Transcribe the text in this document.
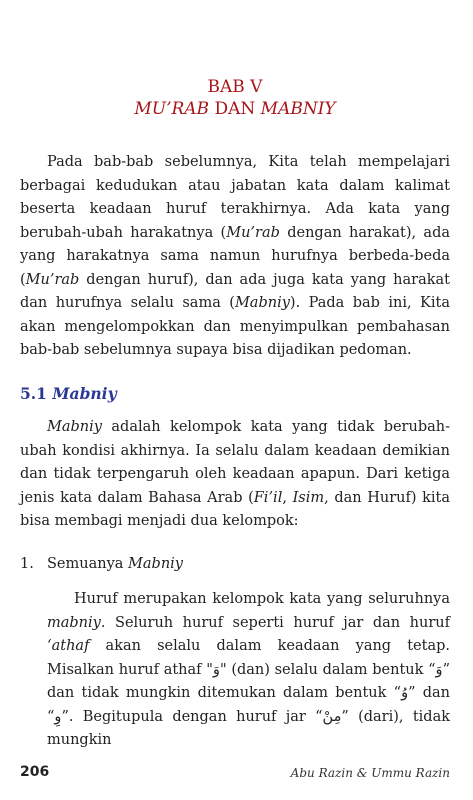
BAB V
MU’RAB DAN MABNIY

Pada bab-bab sebelumnya, Kita telah mempelajari berbagai kedudukan atau jabatan kata dalam kalimat beserta keadaan huruf terakhirnya. Ada kata yang berubah-ubah harakatnya (Mu’rab dengan harakat), ada yang harakatnya sama namun hurufnya berbeda-beda (Mu’rab dengan huruf), dan ada juga kata yang harakat dan hurufnya selalu sama (Mabniy). Pada bab ini, Kita akan mengelompokkan dan menyimpulkan pembahasan bab-bab sebelumnya supaya bisa dijadikan pedoman.

5.1 Mabniy

Mabniy adalah kelompok kata yang tidak berubah-ubah kondisi akhirnya. Ia selalu dalam keadaan demikian dan tidak terpengaruh oleh keadaan apapun. Dari ketiga jenis kata dalam Bahasa Arab (Fi’il, Isim, dan Huruf) kita bisa membagi menjadi dua kelompok:

1. Semuanya Mabniy

Huruf merupakan kelompok kata yang seluruhnya mabniy. Seluruh huruf seperti huruf jar dan huruf ‘athaf akan selalu dalam keadaan yang tetap. Misalkan huruf athaf "وَ" (dan) selalu dalam bentuk “وَ” dan tidak mungkin ditemukan dalam bentuk “وُ” dan “وِ”. Begitupula dengan huruf jar “مِنْ” (dari), tidak mungkin

206	Abu Razin & Ummu Razin
